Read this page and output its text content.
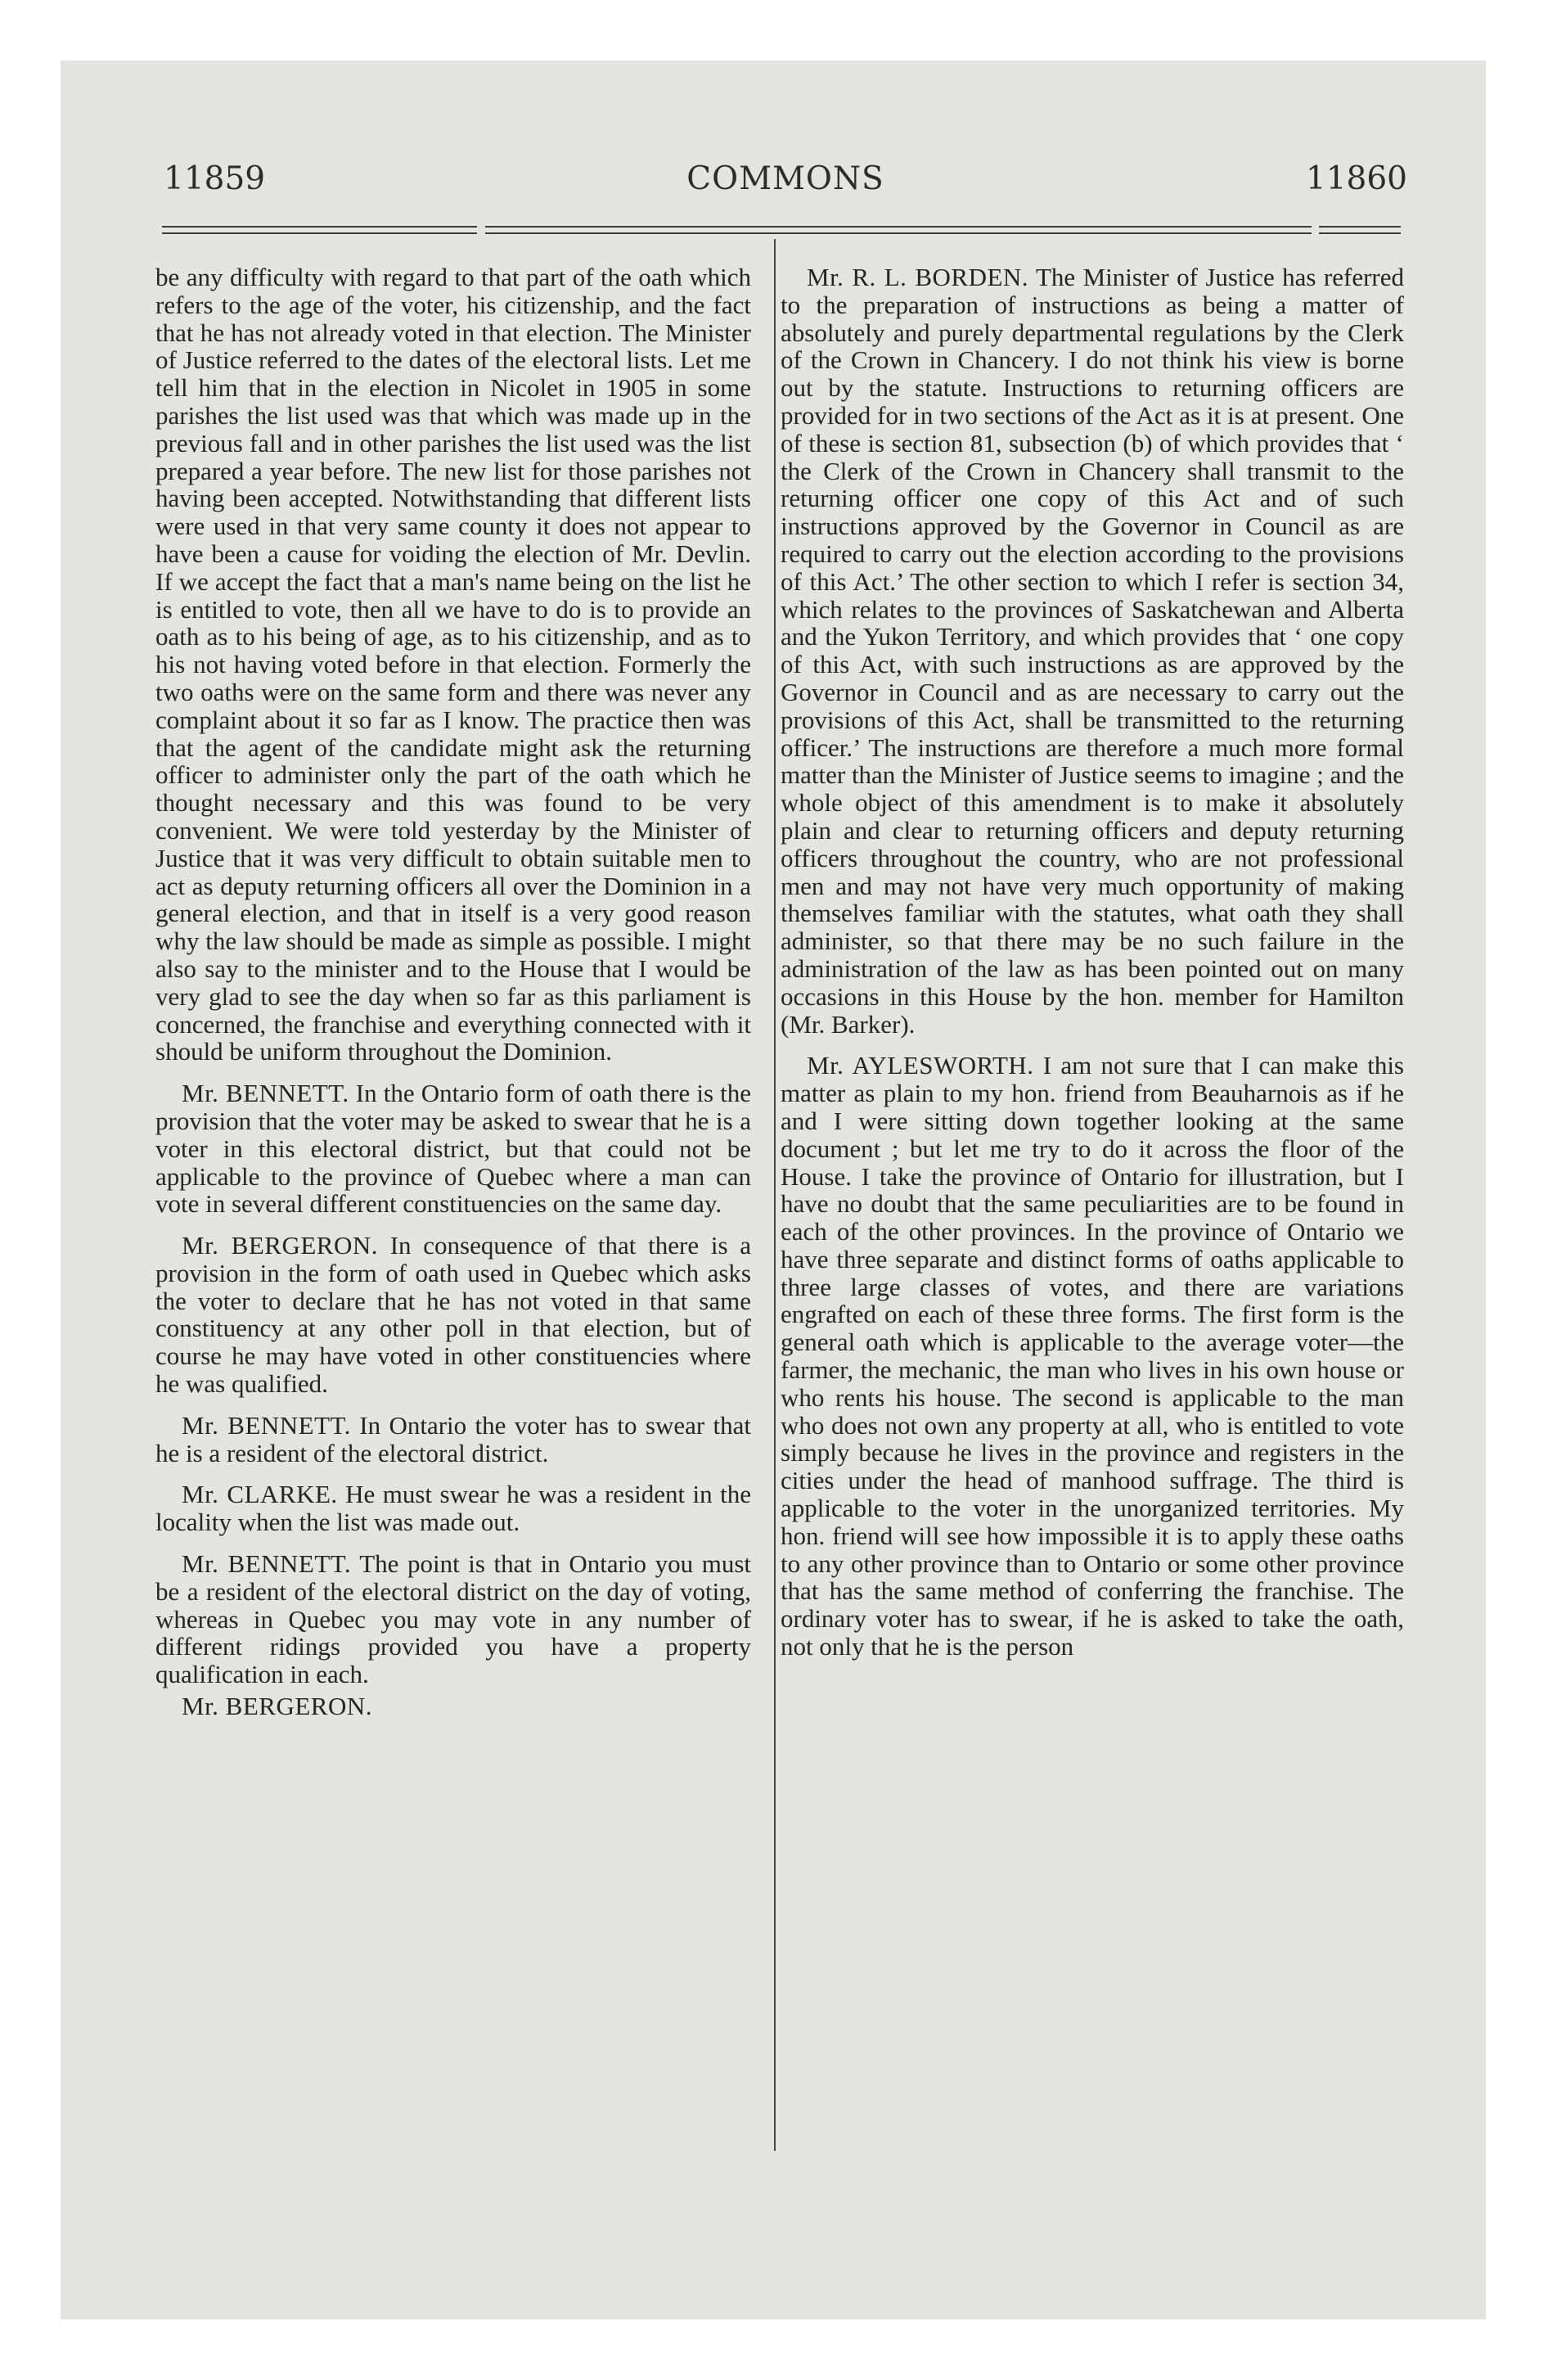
11859	COMMONS	11860

be any difficulty with regard to that part of the oath which refers to the age of the voter, his citizenship, and the fact that he has not already voted in that election. The Minister of Justice referred to the dates of the electoral lists. Let me tell him that in the election in Nicolet in 1905 in some parishes the list used was that which was made up in the previous fall and in other parishes the list used was the list prepared a year before. The new list for those parishes not having been accepted. Notwithstanding that different lists were used in that very same county it does not appear to have been a cause for voiding the election of Mr. Devlin. If we accept the fact that a man's name being on the list he is entitled to vote, then all we have to do is to provide an oath as to his being of age, as to his citizenship, and as to his not having voted before in that election. Formerly the two oaths were on the same form and there was never any complaint about it so far as I know. The practice then was that the agent of the candidate might ask the returning officer to administer only the part of the oath which he thought necessary and this was found to be very convenient. We were told yesterday by the Minister of Justice that it was very difficult to obtain suitable men to act as deputy returning officers all over the Dominion in a general election, and that in itself is a very good reason why the law should be made as simple as possible. I might also say to the minister and to the House that I would be very glad to see the day when so far as this parliament is concerned, the franchise and everything connected with it should be uniform throughout the Dominion.

Mr. BENNETT. In the Ontario form of oath there is the provision that the voter may be asked to swear that he is a voter in this electoral district, but that could not be applicable to the province of Quebec where a man can vote in several different constituencies on the same day.

Mr. BERGERON. In consequence of that there is a provision in the form of oath used in Quebec which asks the voter to declare that he has not voted in that same constituency at any other poll in that election, but of course he may have voted in other constituencies where he was qualified.

Mr. BENNETT. In Ontario the voter has to swear that he is a resident of the electoral district.

Mr. CLARKE. He must swear he was a resident in the locality when the list was made out.

Mr. BENNETT. The point is that in Ontario you must be a resident of the electoral district on the day of voting, whereas in Quebec you may vote in any number of different ridings provided you have a property qualification in each.

Mr. BERGERON.

Mr. R. L. BORDEN. The Minister of Justice has referred to the preparation of instructions as being a matter of absolutely and purely departmental regulations by the Clerk of the Crown in Chancery. I do not think his view is borne out by the statute. Instructions to returning officers are provided for in two sections of the Act as it is at present. One of these is section 81, subsection (b) of which provides that ‘ the Clerk of the Crown in Chancery shall transmit to the returning officer one copy of this Act and of such instructions approved by the Governor in Council as are required to carry out the election according to the provisions of this Act.’ The other section to which I refer is section 34, which relates to the provinces of Saskatchewan and Alberta and the Yukon Territory, and which provides that ‘ one copy of this Act, with such instructions as are approved by the Governor in Council and as are necessary to carry out the provisions of this Act, shall be transmitted to the returning officer.’ The instructions are therefore a much more formal matter than the Minister of Justice seems to imagine ; and the whole object of this amendment is to make it absolutely plain and clear to returning officers and deputy returning officers throughout the country, who are not professional men and may not have very much opportunity of making themselves familiar with the statutes, what oath they shall administer, so that there may be no such failure in the administration of the law as has been pointed out on many occasions in this House by the hon. member for Hamilton (Mr. Barker).

Mr. AYLESWORTH. I am not sure that I can make this matter as plain to my hon. friend from Beauharnois as if he and I were sitting down together looking at the same document ; but let me try to do it across the floor of the House. I take the province of Ontario for illustration, but I have no doubt that the same peculiarities are to be found in each of the other provinces. In the province of Ontario we have three separate and distinct forms of oaths applicable to three large classes of votes, and there are variations engrafted on each of these three forms. The first form is the general oath which is applicable to the average voter—the farmer, the mechanic, the man who lives in his own house or who rents his house. The second is applicable to the man who does not own any property at all, who is entitled to vote simply because he lives in the province and registers in the cities under the head of manhood suffrage. The third is applicable to the voter in the unorganized territories. My hon. friend will see how impossible it is to apply these oaths to any other province than to Ontario or some other province that has the same method of conferring the franchise. The ordinary voter has to swear, if he is asked to take the oath, not only that he is the person
